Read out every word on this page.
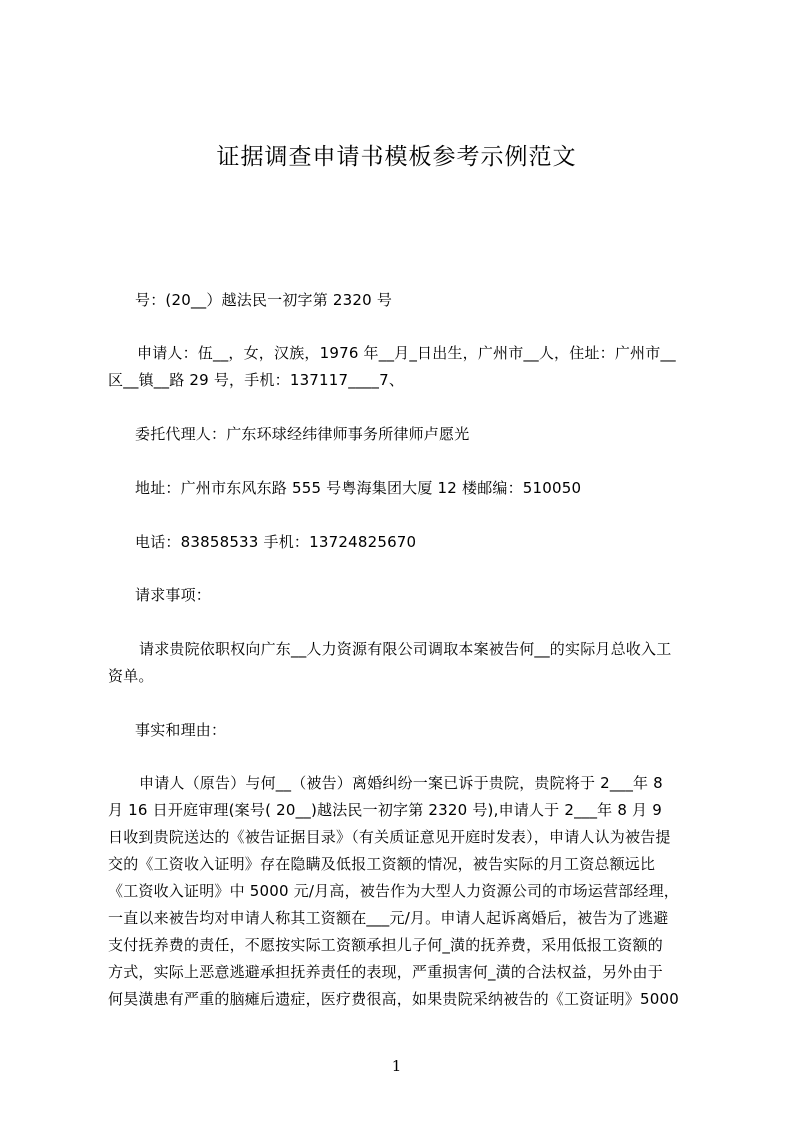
证据调查申请书模板参考示例范文
号：(20__）越法民一初字第 2320 号
申请人：伍__，女，汉族，1976 年__月_日出生，广州市__人，住址：广州市__
区__镇__路 29 号，手机：137117____7、
委托代理人：广东环球经纬律师事务所律师卢愿光
地址：广州市东风东路 555 号粤海集团大厦 12 楼邮编：510050
电话：83858533 手机：13724825670
请求事项：
请求贵院依职权向广东__人力资源有限公司调取本案被告何__的实际月总收入工
资单。
事实和理由：
申请人（原告）与何__（被告）离婚纠纷一案已诉于贵院，贵院将于 2___年 8
月 16 日开庭审理(案号( 20__)越法民一初字第 2320 号),申请人于 2___年 8 月 9
日收到贵院送达的《被告证据目录》（有关质证意见开庭时发表），申请人认为被告提
交的《工资收入证明》存在隐瞒及低报工资额的情况，被告实际的月工资总额远比
《工资收入证明》中 5000 元/月高，被告作为大型人力资源公司的市场运营部经理，
一直以来被告均对申请人称其工资额在___元/月。申请人起诉离婚后，被告为了逃避
支付抚养费的责任，不愿按实际工资额承担儿子何_潢的抚养费，采用低报工资额的
方式，实际上恶意逃避承担抚养责任的表现，严重损害何_潢的合法权益，另外由于
何昊潢患有严重的脑瘫后遗症，医疗费很高，如果贵院采纳被告的《工资证明》5000
1
